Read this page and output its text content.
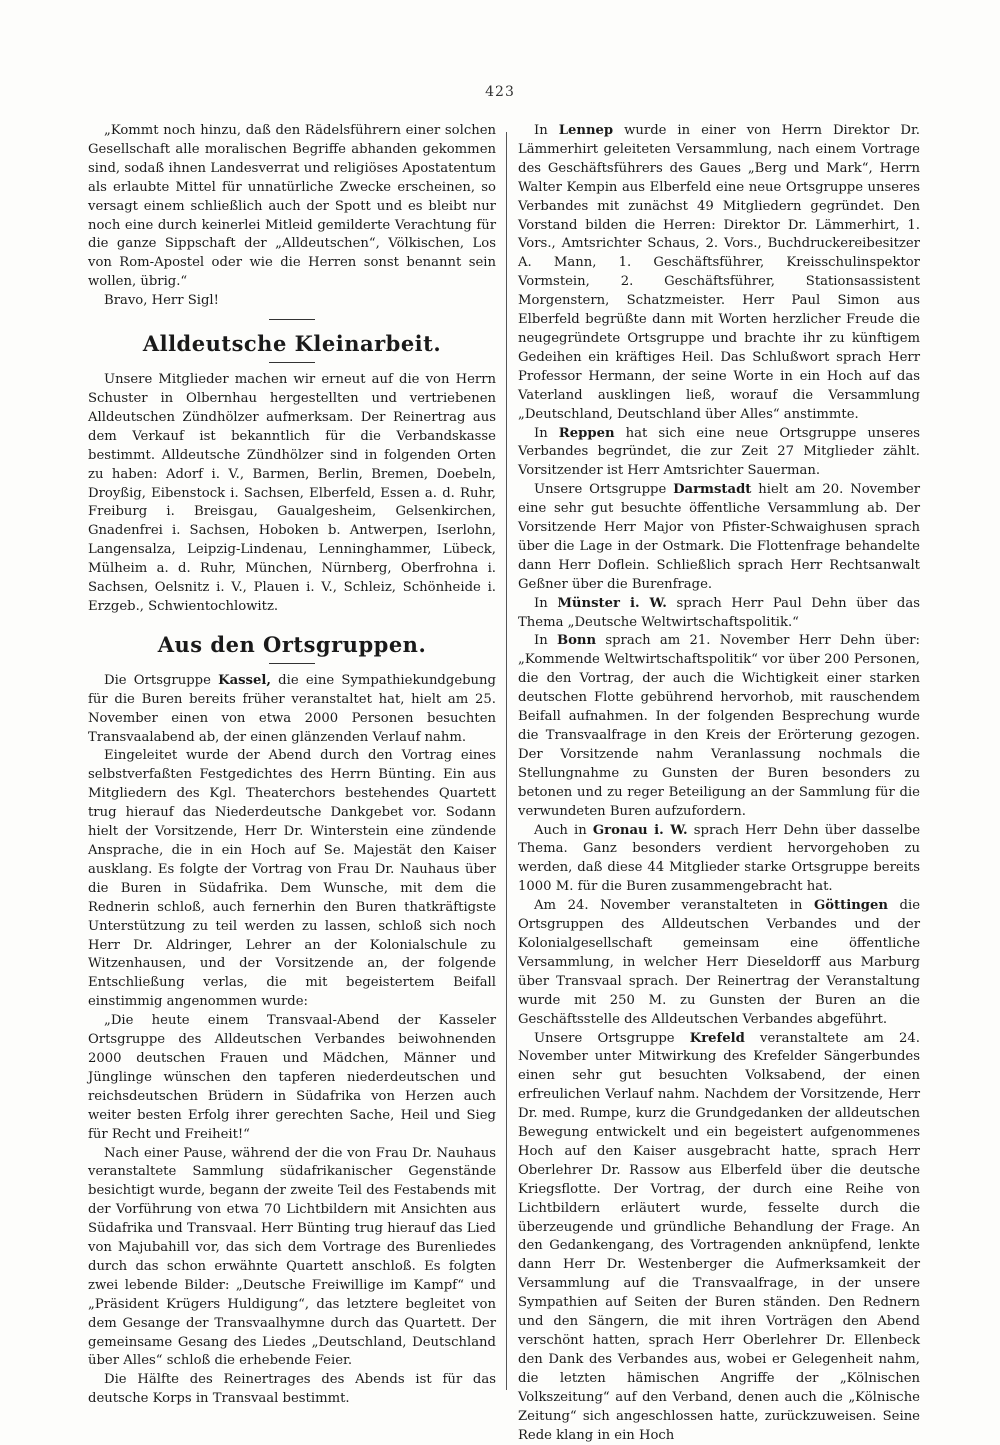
423

„Kommt noch hinzu, daß den Rädelsführern einer solchen Gesellschaft alle moralischen Begriffe abhanden gekommen sind, sodaß ihnen Landesverrat und religiöses Apostatentum als erlaubte Mittel für unnatürliche Zwecke erscheinen, so versagt einem schließlich auch der Spott und es bleibt nur noch eine durch keinerlei Mitleid gemilderte Verachtung für die ganze Sippschaft der „Alldeutschen“, Völkischen, Los von Rom-Apostel oder wie die Herren sonst benannt sein wollen, übrig.“

Bravo, Herr Sigl!

Alldeutsche Kleinarbeit.

Unsere Mitglieder machen wir erneut auf die von Herrn Schuster in Olbernhau hergestellten und vertriebenen Alldeutschen Zündhölzer aufmerksam. Der Reinertrag aus dem Verkauf ist bekanntlich für die Verbandskasse bestimmt. Alldeutsche Zündhölzer sind in folgenden Orten zu haben: Adorf i. V., Barmen, Berlin, Bremen, Doebeln, Droyßig, Eibenstock i. Sachsen, Elberfeld, Essen a. d. Ruhr, Freiburg i. Breisgau, Gaualgesheim, Gelsenkirchen, Gnadenfrei i. Sachsen, Hoboken b. Antwerpen, Iserlohn, Langensalza, Leipzig-Lindenau, Lenninghammer, Lübeck, Mülheim a. d. Ruhr, München, Nürnberg, Oberfrohna i. Sachsen, Oelsnitz i. V., Plauen i. V., Schleiz, Schönheide i. Erzgeb., Schwientochlowitz.

Aus den Ortsgruppen.

Die Ortsgruppe Kassel, die eine Sympathiekundgebung für die Buren bereits früher veranstaltet hat, hielt am 25. November einen von etwa 2000 Personen besuchten Transvaalabend ab, der einen glänzenden Verlauf nahm.

Eingeleitet wurde der Abend durch den Vortrag eines selbstverfaßten Festgedichtes des Herrn Bünting. Ein aus Mitgliedern des Kgl. Theaterchors bestehendes Quartett trug hierauf das Niederdeutsche Dankgebet vor. Sodann hielt der Vorsitzende, Herr Dr. Winterstein eine zündende Ansprache, die in ein Hoch auf Se. Majestät den Kaiser ausklang. Es folgte der Vortrag von Frau Dr. Nauhaus über die Buren in Südafrika. Dem Wunsche, mit dem die Rednerin schloß, auch fernerhin den Buren thatkräftigste Unterstützung zu teil werden zu lassen, schloß sich noch Herr Dr. Aldringer, Lehrer an der Kolonialschule zu Witzenhausen, und der Vorsitzende an, der folgende Entschließung verlas, die mit begeistertem Beifall einstimmig angenommen wurde:

„Die heute einem Transvaal-Abend der Kasseler Ortsgruppe des Alldeutschen Verbandes beiwohnenden 2000 deutschen Frauen und Mädchen, Männer und Jünglinge wünschen den tapferen niederdeutschen und reichsdeutschen Brüdern in Südafrika von Herzen auch weiter besten Erfolg ihrer gerechten Sache, Heil und Sieg für Recht und Freiheit!“

Nach einer Pause, während der die von Frau Dr. Nauhaus veranstaltete Sammlung südafrikanischer Gegenstände besichtigt wurde, begann der zweite Teil des Festabends mit der Vorführung von etwa 70 Lichtbildern mit Ansichten aus Südafrika und Transvaal. Herr Bünting trug hierauf das Lied von Majubahill vor, das sich dem Vortrage des Burenliedes durch das schon erwähnte Quartett anschloß. Es folgten zwei lebende Bilder: „Deutsche Freiwillige im Kampf“ und „Präsident Krügers Huldigung“, das letztere begleitet von dem Gesange der Transvaalhymne durch das Quartett. Der gemeinsame Gesang des Liedes „Deutschland, Deutschland über Alles“ schloß die erhebende Feier.

Die Hälfte des Reinertrages des Abends ist für das deutsche Korps in Transvaal bestimmt.

In Lennep wurde in einer von Herrn Direktor Dr. Lämmerhirt geleiteten Versammlung, nach einem Vortrage des Geschäftsführers des Gaues „Berg und Mark“, Herrn Walter Kempin aus Elberfeld eine neue Ortsgruppe unseres Verbandes mit zunächst 49 Mitgliedern gegründet. Den Vorstand bilden die Herren: Direktor Dr. Lämmerhirt, 1. Vors., Amtsrichter Schaus, 2. Vors., Buchdruckereibesitzer A. Mann, 1. Geschäftsführer, Kreisschulinspektor Vormstein, 2. Geschäftsführer, Stationsassistent Morgenstern, Schatzmeister. Herr Paul Simon aus Elberfeld begrüßte dann mit Worten herzlicher Freude die neugegründete Ortsgruppe und brachte ihr zu künftigem Gedeihen ein kräftiges Heil. Das Schlußwort sprach Herr Professor Hermann, der seine Worte in ein Hoch auf das Vaterland ausklingen ließ, worauf die Versammlung „Deutschland, Deutschland über Alles“ anstimmte.

In Reppen hat sich eine neue Ortsgruppe unseres Verbandes begründet, die zur Zeit 27 Mitglieder zählt. Vorsitzender ist Herr Amtsrichter Sauerman.

Unsere Ortsgruppe Darmstadt hielt am 20. November eine sehr gut besuchte öffentliche Versammlung ab. Der Vorsitzende Herr Major von Pfister-Schwaighusen sprach über die Lage in der Ostmark. Die Flottenfrage behandelte dann Herr Doflein. Schließlich sprach Herr Rechtsanwalt Geßner über die Burenfrage.

In Münster i. W. sprach Herr Paul Dehn über das Thema „Deutsche Weltwirtschaftspolitik.“

In Bonn sprach am 21. November Herr Dehn über: „Kommende Weltwirtschaftspolitik“ vor über 200 Personen, die den Vortrag, der auch die Wichtigkeit einer starken deutschen Flotte gebührend hervorhob, mit rauschendem Beifall aufnahmen. In der folgenden Besprechung wurde die Transvaalfrage in den Kreis der Erörterung gezogen. Der Vorsitzende nahm Veranlassung nochmals die Stellungnahme zu Gunsten der Buren besonders zu betonen und zu reger Beteiligung an der Sammlung für die verwundeten Buren aufzufordern.

Auch in Gronau i. W. sprach Herr Dehn über dasselbe Thema. Ganz besonders verdient hervorgehoben zu werden, daß diese 44 Mitglieder starke Ortsgruppe bereits 1000 M. für die Buren zusammengebracht hat.

Am 24. November veranstalteten in Göttingen die Ortsgruppen des Alldeutschen Verbandes und der Kolonialgesellschaft gemeinsam eine öffentliche Versammlung, in welcher Herr Dieseldorff aus Marburg über Transvaal sprach. Der Reinertrag der Veranstaltung wurde mit 250 M. zu Gunsten der Buren an die Geschäftsstelle des Alldeutschen Verbandes abgeführt.

Unsere Ortsgruppe Krefeld veranstaltete am 24. November unter Mitwirkung des Krefelder Sängerbundes einen sehr gut besuchten Volksabend, der einen erfreulichen Verlauf nahm. Nachdem der Vorsitzende, Herr Dr. med. Rumpe, kurz die Grundgedanken der alldeutschen Bewegung entwickelt und ein begeistert aufgenommenes Hoch auf den Kaiser ausgebracht hatte, sprach Herr Oberlehrer Dr. Rassow aus Elberfeld über die deutsche Kriegsflotte. Der Vortrag, der durch eine Reihe von Lichtbildern erläutert wurde, fesselte durch die überzeugende und gründliche Behandlung der Frage. An den Gedankengang, des Vortragenden anknüpfend, lenkte dann Herr Dr. Westenberger die Aufmerksamkeit der Versammlung auf die Transvaalfrage, in der unsere Sympathien auf Seiten der Buren ständen. Den Rednern und den Sängern, die mit ihren Vorträgen den Abend verschönt hatten, sprach Herr Oberlehrer Dr. Ellenbeck den Dank des Verbandes aus, wobei er Gelegenheit nahm, die letzten hämischen Angriffe der „Kölnischen Volkszeitung“ auf den Verband, denen auch die „Kölnische Zeitung“ sich angeschlossen hatte, zurückzuweisen. Seine Rede klang in ein Hoch
